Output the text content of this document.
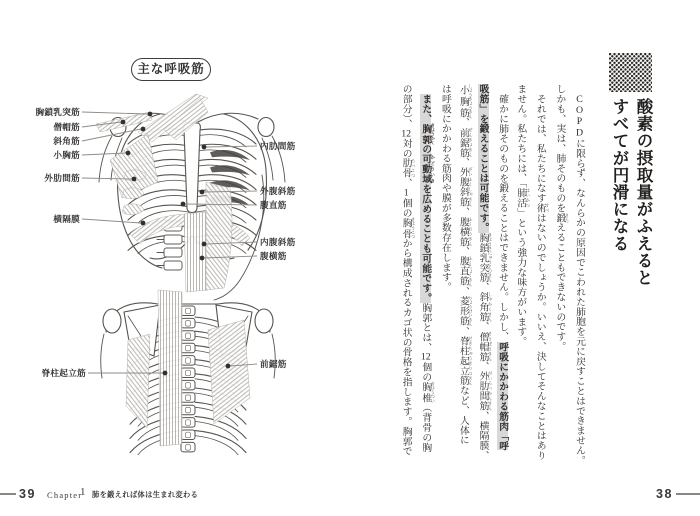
主な呼吸筋
39 Chapter
1 肺を鍛えれば体は生まれ変わる
胸鎖乳突筋
僧帽筋
斜角筋
小胸筋
外肋間筋
横隔膜
内肋間筋
外腹斜筋
腹直筋
内腹斜筋
腹横筋
脊柱起立筋
前鋸筋
酸素の摂取量がふえると
すべてが円滑になる
COPDに限らず、なんらかの原因でこわれた肺胞を元に戻すことはできません。
しかも、実は、肺そのものを鍛 きたえることもできないのです。
それでは、私たちになす術 すべはないのでしょうか。いいえ、決してそんなことはあり
ません。私たちには、「肺活 はいかつ」という強力な味方がいます。
確かに肺そのものを鍛えることはできません。しかし、呼吸にかかわる筋肉「呼
吸筋」を鍛えることは可能です。胸鎖乳突筋 きょうさにゅうとつきん、斜角筋 しゃかくきん、僧帽筋 そうぼうきん、外肋間筋 がいろっかんきん、横隔膜、
小胸筋 しょうきょうきん、前鋸筋 ぜんきょきん、外腹斜筋 がいふくしゃきん、腹横筋 ふくおうきん、腹直筋 ふくちょくきん、菱形筋 りょうけいきん、脊柱起立筋 せきちゅうきりつきんなど、人体に
は呼吸にかかわる筋肉や膜が多数存在します。
また、胸郭 きょうかくの可動域 かどういきを広めることも可能です。胸郭とは、12個の胸椎 きょうつい（背骨の胸
の部分）、12対の肋骨 ろっこつ、1個の胸骨 きょうこつから構成されるカゴ状の骨格を指します。胸郭で
38
